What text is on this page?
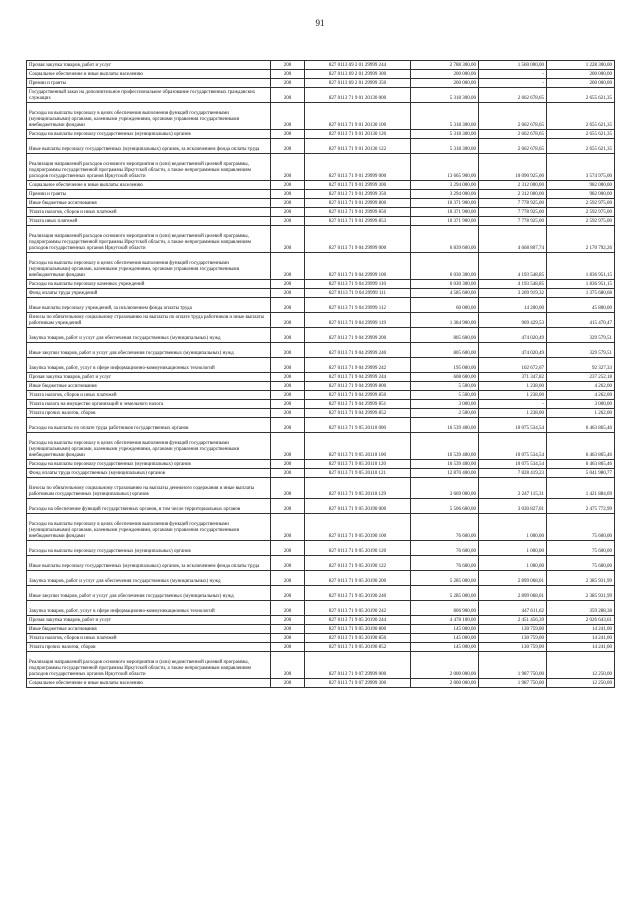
91
Прочая закупка товаров, работ и услуг	200	827 0113 69 2 01 29999 244	2 788 300,00	1 560 000,00	1 228 300,00
Социальное обеспечение и иные выплаты населению	200	827 0113 69 2 01 29999 300	200 000,00	-	200 000,00
Премии и гранты	200	827 0113 69 2 01 29999 350	200 000,00	-	200 000,00
Государственный заказ на дополнительное профессиональное образование государственных гражданских служащих	200	827 0113 71 9 01 20130 000	5 318 300,00	2 662 678,65	2 655 621,35
Расходы на выплаты персоналу в целях обеспечения выполнения функций государственными (муниципальными) органами, казенными учреждениями, органами управления государственными внебюджетными фондами	200	827 0113 71 9 01 20130 100	5 318 300,00	2 662 678,65	2 655 621,35
Расходы на выплаты персоналу государственных (муниципальных) органов	200	827 0113 71 9 01 20130 120	5 318 300,00	2 662 678,65	2 655 621,35
Иные выплаты персоналу государственных (муниципальных) органов, за исключением фонда оплаты труда	200	827 0113 71 9 01 20130 122	5 318 300,00	2 662 678,65	2 655 621,35
Реализация направлений расходов основного мероприятия и (или) ведомственной целевой программы, подпрограммы государственной программы Иркутской области, а также непрограммным направлениям расходов государственных органов Иркутской области	200	827 0113 71 9 01 29999 000	13 665 900,00	10 090 925,00	3 574 975,00
Социальное обеспечение и иные выплаты населению	200	827 0113 71 9 01 29999 300	3 294 000,00	2 312 000,00	982 000,00
Премии и гранты	200	827 0113 71 9 01 29999 350	3 294 000,00	2 312 000,00	982 000,00
Иные бюджетные ассигнования	200	827 0113 71 9 01 29999 800	10 371 900,00	7 778 925,00	2 592 975,00
Уплата налогов, сборов и иных платежей	200	827 0113 71 9 01 29999 850	10 371 900,00	7 778 925,00	2 592 975,00
Уплата иных платежей	200	827 0113 71 9 01 29999 853	10 371 900,00	7 778 925,00	2 592 975,00
Реализация направлений расходов основного мероприятия и (или) ведомственной целевой программы, подпрограммы государственной программы Иркутской области, а также непрограммным направлениям расходов государственных органов Иркутской области	200	827 0113 71 9 04 29999 000	6 839 600,00	4 668 807,74	2 170 792,26
Расходы на выплаты персоналу в целях обеспечения выполнения функций государственными (муниципальными) органами, казенными учреждениями, органами управления государственными внебюджетными фондами	200	827 0113 71 9 04 29999 100	6 030 300,00	4 193 548,85	1 836 951,15
Расходы на выплаты персоналу казенных учреждений	200	827 0113 71 9 04 29999 110	6 030 300,00	4 193 548,85	1 836 951,15
Фонд оплаты труда учреждений	200	827 0113 71 9 04 29999 111	4 585 600,00	3 209 919,32	1 375 680,68
Иные выплаты персоналу учреждений, за исключением фонда оплаты труда	200	827 0113 71 9 04 29999 112	60 000,00	14 200,00	45 800,00
Взносы по обязательному социальному страхованию на выплаты по оплате труда работников и иные выплаты работникам учреждений	200	827 0113 71 9 04 29999 119	1 384 900,00	969 429,53	415 470,47
Закупка товаров, работ и услуг для обеспечения государственных (муниципальных) нужд	200	827 0113 71 9 04 29999 200	805 600,00	474 020,49	329 579,51
Иные закупки товаров, работ и услуг для обеспечения государственных (муниципальных) нужд	200	827 0113 71 9 04 29999 240	805 600,00	474 020,49	329 579,51
Закупка товаров, работ, услуг в сфере информационно-коммуникационных технологий	200	827 0113 71 9 04 29999 242	195 000,00	102 672,67	92 327,33
Прочая закупка товаров, работ и услуг	200	827 0113 71 9 04 29999 244	608 600,00	371 347,82	237 252,18
Иные бюджетные ассигнования	200	827 0113 71 9 04 29999 800	5 500,00	1 238,00	4 262,00
Уплата налогов, сборов и иных платежей	200	827 0113 71 9 04 29999 850	5 500,00	1 238,00	4 262,00
Уплата налога на имущество организаций и земельного налога	200	827 0113 71 9 04 29999 851	3 000,00	-	3 000,00
Уплата прочих налогов, сборов	200	827 0113 71 9 04 29999 852	2 500,00	1 238,00	1 262,00
Расходы на выплаты по оплате труда работников государственных органов	200	827 0113 71 9 05 20110 000	16 539 400,00	10 075 534,54	6 463 865,46
Расходы на выплаты персоналу в целях обеспечения выполнения функций государственными (муниципальными) органами, казенными учреждениями, органами управления государственными внебюджетными фондами	200	827 0113 71 9 05 20110 100	16 539 400,00	10 075 534,54	6 463 865,46
Расходы на выплаты персоналу государственных (муниципальных) органов	200	827 0113 71 9 05 20110 120	16 539 400,00	10 075 534,54	6 463 865,46
Фонд оплаты труда государственных (муниципальных) органов	200	827 0113 71 9 05 20110 121	12 870 400,00	7 828 419,23	5 041 980,77
Взносы по обязательному социальному страхованию на выплаты денежного содержания и иные выплаты работникам государственных (муниципальных) органов	200	827 0113 71 9 05 20110 129	3 669 000,00	2 247 115,31	1 421 884,69
Расходы на обеспечение функций государственных органов, в том числе территориальных органов	200	827 0113 71 9 05 20190 000	5 506 600,00	3 030 827,01	2 475 772,99
Расходы на выплаты персоналу в целях обеспечения выполнения функций государственными (муниципальными) органами, казенными учреждениями, органами управления государственными внебюджетными фондами	200	827 0113 71 9 05 20190 100	76 600,00	1 000,00	75 600,00
Расходы на выплаты персоналу государственных (муниципальных) органов	200	827 0113 71 9 05 20190 120	76 600,00	1 000,00	75 600,00
Иные выплаты персоналу государственных (муниципальных) органов, за исключением фонда оплаты труда	200	827 0113 71 9 05 20190 122	76 600,00	1 000,00	75 600,00
Закупка товаров, работ и услуг для обеспечения государственных (муниципальных) нужд	200	827 0113 71 9 05 20190 200	5 285 000,00	2 899 068,01	2 385 931,99
Иные закупки товаров, работ и услуг для обеспечения государственных (муниципальных) нужд	200	827 0113 71 9 05 20190 240	5 285 000,00	2 899 068,01	2 385 931,99
Закупка товаров, работ, услуг в сфере информационно-коммуникационных технологий	200	827 0113 71 9 05 20190 242	806 900,00	447 611,62	359 288,38
Прочая закупка товаров, работ и услуг	200	827 0113 71 9 05 20190 244	4 478 100,00	2 451 456,39	2 026 643,61
Иные бюджетные ассигнования	200	827 0113 71 9 05 20190 800	145 000,00	130 759,00	14 241,00
Уплата налогов, сборов и иных платежей	200	827 0113 71 9 05 20190 850	145 000,00	130 759,00	14 241,00
Уплата прочих налогов, сборов	200	827 0113 71 9 05 20190 852	145 000,00	130 759,00	14 241,00
Реализация направлений расходов основного мероприятия и (или) ведомственной целевой программы, подпрограммы государственной программы Иркутской области, а также непрограммным направлениям расходов государственных органов Иркутской области	200	827 0113 71 9 07 29999 000	2 000 000,00	1 987 750,00	12 250,00
Социальное обеспечение и иные выплаты населению	200	827 0113 71 9 07 29999 300	2 000 000,00	1 987 750,00	12 250,00
